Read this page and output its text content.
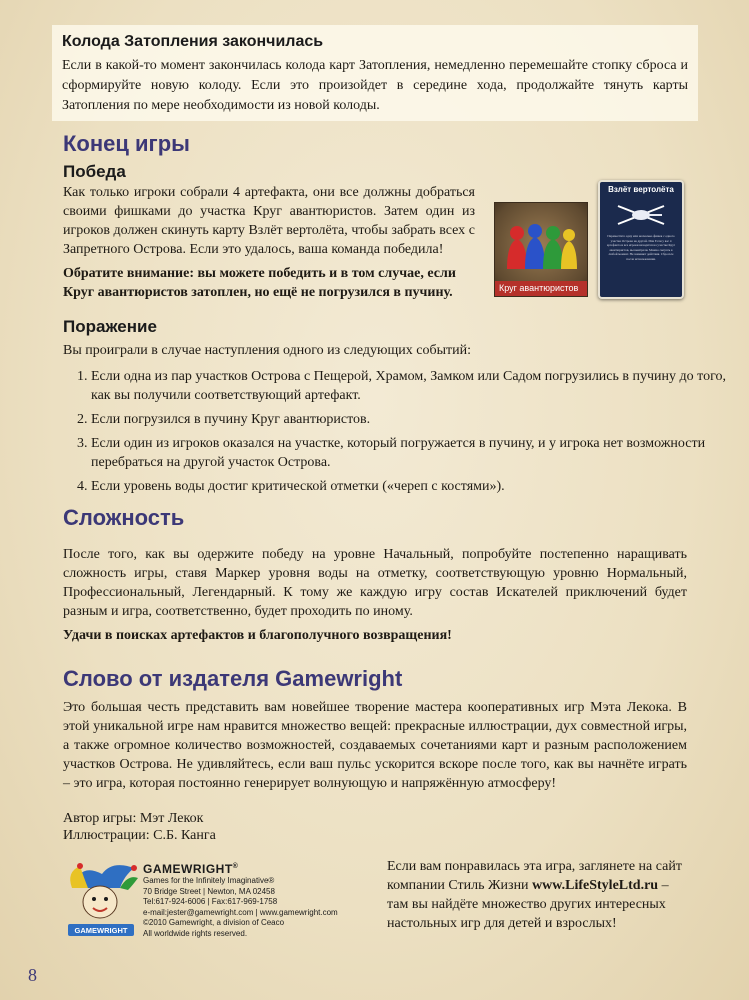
Колода Затопления закончилась

Если в какой-то момент закончилась колода карт Затопления, немедленно перемешайте стопку сброса и сформируйте новую колоду. Если это произойдет в середине хода, продолжайте тянуть карты Затопления по мере необходимости из новой колоды.

Конец игры
Победа

Как только игроки собрали 4 артефакта, они все должны добраться своими фишками до участка Круг авантюристов. Затем один из игроков должен скинуть карту Взлёт вертолёта, чтобы забрать всех с Запретного Острова. Если это удалось, ваша команда победила!

Обратите внимание: вы можете победить и в том случае, если Круг авантюристов затоплен, но ещё не погрузился в пучину.	Круг авантюристов
Взлёт вертолёта
Переместите одну или несколько фишек с одного участка Острова на другой. Или Если у вас 4 артефакта и все игроки находятся на участке Круг авантюристов, вы выиграли. Можно сыграть в любой момент. Не заменяет действия. Сбросьте после использования.
Поражение

Вы проиграли в случае наступления одного из следующих событий:

1. Если одна из пар участков Острова с Пещерой, Храмом, Замком или Садом погрузились в пучину до того, как вы получили соответствующий артефакт.
2. Если погрузился в пучину Круг авантюристов.
3. Если один из игроков оказался на участке, который погружается в пучину, и у игрока нет возможности перебраться на другой участок Острова.
4. Если уровень воды достиг критической отметки («череп с костями»).
Сложность

После того, как вы одержите победу на уровне Начальный, попробуйте постепенно наращивать сложность игры, ставя Маркер уровня воды на отметку, соответствующую уровню Нормальный, Профессиональный, Легендарный. К тому же каждую игру состав Искателей приключений будет разным и игра, соответственно, будет проходить по иному.

Удачи в поисках артефактов и благополучного возвращения!

Слово от издателя Gamewright

Это большая честь представить вам новейшее творение мастера кооперативных игр Мэта Лекока. В этой уникальной игре нам нравится множество вещей: прекрасные иллюстрации, дух совместной игры, а также огромное количество возможностей, создаваемых сочетаниями карт и разным расположением участков Острова. Не удивляйтесь, если ваш пульс ускорится вскоре после того, как вы начнёте играть – это игра, которая постоянно генерирует волнующую и напряжённую атмосферу!

Автор игры: Мэт Лекок

Иллюстрации: С.Б. Канга

GAMEWRIGHT
GAMEWRIGHT®
Games for the Infinitely Imaginative®
70 Bridge Street | Newton, MA 02458
Tel:617-924-6006 | Fax:617-969-1758
e-mail:jester@gamewright.com | www.gamewright.com
©2010 Gamewright, a division of Ceaco
All worldwide rights reserved.
Если вам понравилась эта игра, заглянете на сайт компании Стиль Жизни www.LifeStyleLtd.ru – там вы найдёте множество других интересных настольных игр для детей и взрослых!
8
